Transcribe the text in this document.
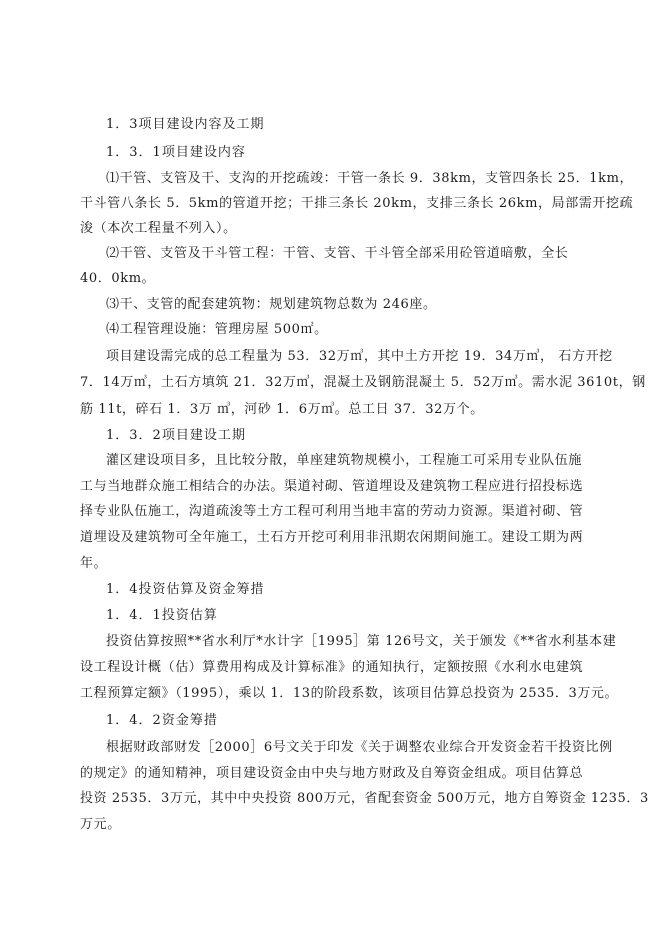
1．3项目建设内容及工期
1．3．1项目建设内容
⑴干管、支管及干、支沟的开挖疏竣：干管一条长 9．38km，支管四条长 25．1km，
干斗管八条长 5．5km的管道开挖；干排三条长 20km，支排三条长 26km，局部需开挖疏
浚（本次工程量不列入）。
⑵干管、支管及干斗管工程：干管、支管、干斗管全部采用砼管道暗敷，全长
40．0km。
⑶干、支管的配套建筑物：规划建筑物总数为 246座。
⑷工程管理设施：管理房屋 500㎡。
项目建设需完成的总工程量为 53．32万㎥，其中土方开挖 19．34万㎥， 石方开挖
7．14万㎥，土石方填筑 21．32万㎥，混凝土及钢筋混凝土 5．52万㎥。需水泥 3610t，钢
筋 11t，碎石 1．3万 ㎥，河砂 1．6万㎥。总工日 37．32万个。
1．3．2项目建设工期
灌区建设项目多，且比较分散，单座建筑物规模小，工程施工可采用专业队伍施
工与当地群众施工相结合的办法。渠道衬砌、管道埋设及建筑物工程应进行招投标选
择专业队伍施工，沟道疏浚等土方工程可利用当地丰富的劳动力资源。渠道衬砌、管
道埋设及建筑物可全年施工，土石方开挖可利用非汛期农闲期间施工。建设工期为两
年。
1．4投资估算及资金筹措
1．4．1投资估算
投资估算按照**省水利厅*水计字［1995］第 126号文，关于颁发《**省水利基本建
设工程设计概（估）算费用构成及计算标准》的通知执行，定额按照《水利水电建筑
工程预算定额》（1995），乘以 1．13的阶段系数，该项目估算总投资为 2535．3万元。
1．4．2资金筹措
根据财政部财发［2000］6号文关于印发《关于调整农业综合开发资金若干投资比例
的规定》的通知精神，项目建设资金由中央与地方财政及自筹资金组成。项目估算总
投资 2535．3万元，其中中央投资 800万元，省配套资金 500万元，地方自筹资金 1235．3
万元。
